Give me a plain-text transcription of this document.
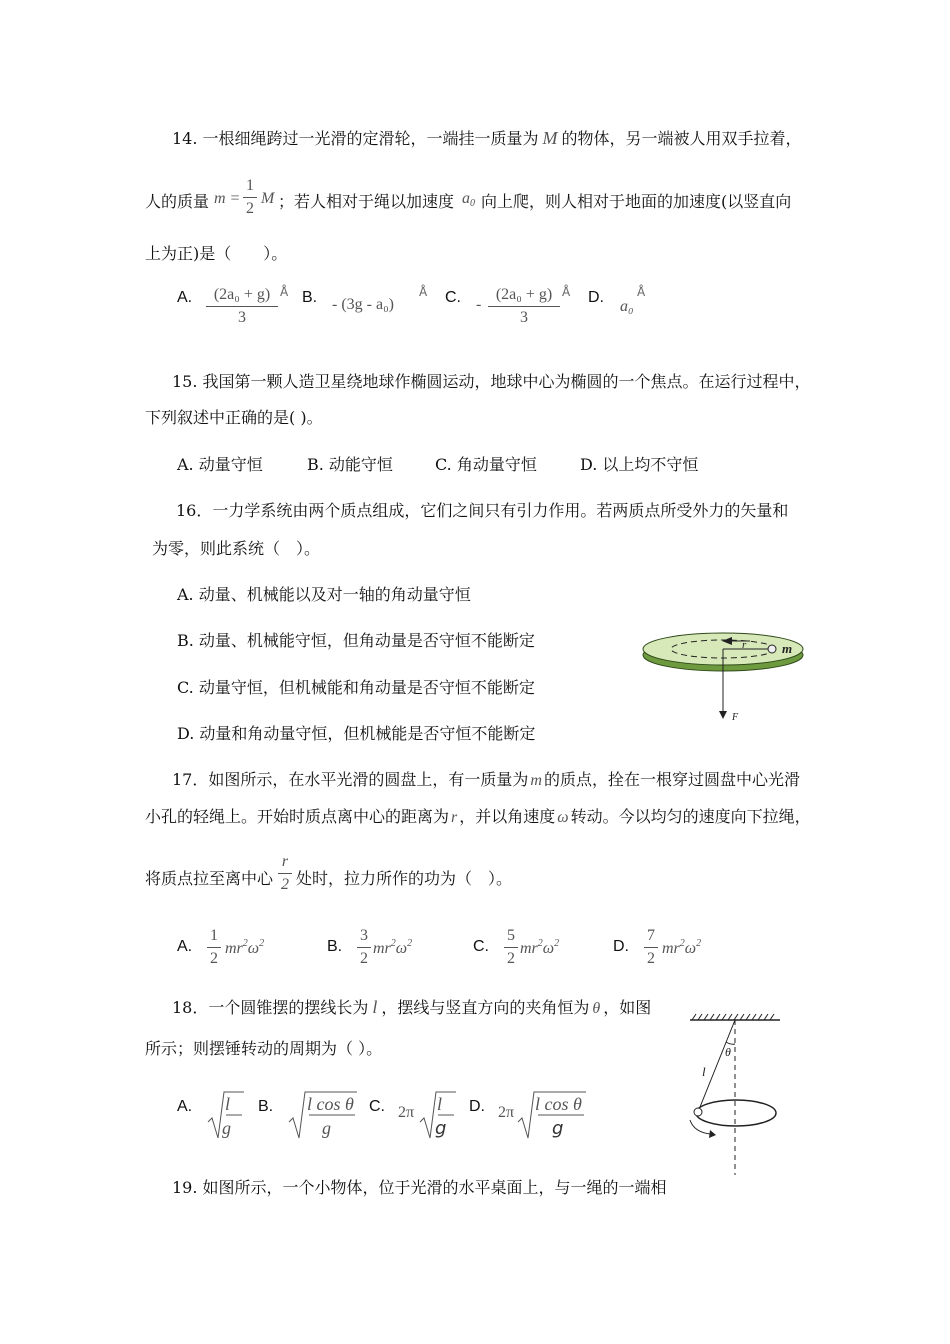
14. 一根细绳跨过一光滑的定滑轮，一端挂一质量为 M 的物体，另一端被人用双手拉着，
人的质量 m =
1
2
M ；若人相对于绳以加速度 $a_0$ 向上爬，则人相对于地面的加速度(以竖直向
上为正)是（　　）。
A.	(2a₀ + g)
3
Å B. - (3g - a₀)
Å C. -
(2a₀ + g)
3
Å D.
a₀
Å
15. 我国第一颗人造卫星绕地球作椭圆运动，地球中心为椭圆的一个焦点。在运行过程中，
下列叙述中正确的是( )。
A. 动量守恒	B. 动能守恒	C. 角动量守恒	D. 以上均不守恒
16．一力学系统由两个质点组成，它们之间只有引力作用。若两质点所受外力的矢量和
为零，则此系统（　）。
A. 动量、机械能以及对一轴的角动量守恒
B. 动量、机械能守恒，但角动量是否守恒不能断定
C. 动量守恒，但机械能和角动量是否守恒不能断定
D. 动量和角动量守恒，但机械能是否守恒不能断定
r	m
F
17．如图所示，在水平光滑的圆盘上，有一质量为 m 的质点，拴在一根穿过圆盘中心光滑
小孔的轻绳上。开始时质点离中心的距离为 r ，并以角速度 ω 转动。今以均匀的速度向下拉绳，
将质点拉至离中心
r
2 处时，拉力所作的功为（　）。
A.
1
2
$mr^2\omega^2$	B.
3
2
$mr^2\omega^2$	C.
5
2
$mr^2\omega^2$	D.
7
2
$mr^2\omega^2$
18．一个圆锥摆的摆线长为 l ，摆线与竖直方向的夹角恒为 θ ，如图
所示；则摆锤转动的周期为（ ）。
A. l
g
B. l cos θ
g
C. 2π l
g
D. 2π l cos θ
g
θ
l
19. 如图所示，一个小物体，位于光滑的水平桌面上，与一绳的一端相
